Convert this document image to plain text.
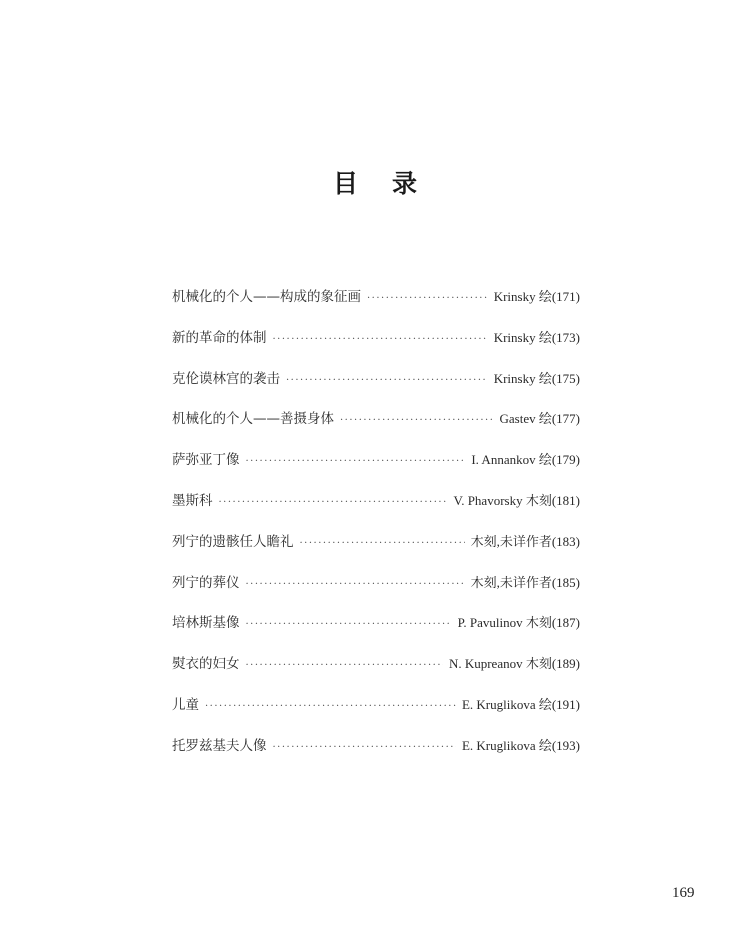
目录
机械化的个人——构成的象征画 ·····	Krinsky 绘(171)
新的革命的体制 ·····	Krinsky 绘(173)
克伦谟林宫的袭击 ·····	Krinsky 绘(175)
机械化的个人——善摄身体 ·····	Gastev 绘(177)
萨弥亚丁像 ·····	I. Annankov 绘(179)
墨斯科 ·····	V. Phavorsky 木刻(181)
列宁的遗骸任人瞻礼 ·····	木刻,未详作者(183)
列宁的葬仪 ·····	木刻,未详作者(185)
培林斯基像 ·····	P. Pavulinov 木刻(187)
熨衣的妇女 ·····	N. Kupreanov 木刻(189)
儿童 ·····	E. Kruglikova 绘(191)
托罗兹基夫人像 ·····	E. Kruglikova 绘(193)
169
